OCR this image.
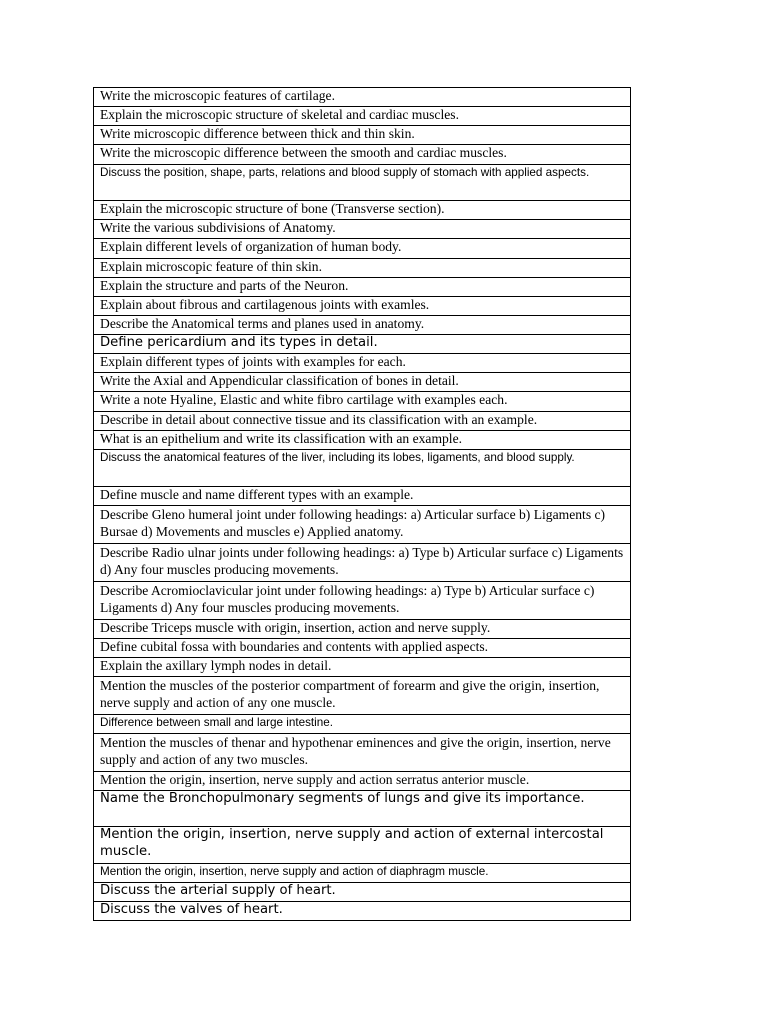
Write the microscopic features of cartilage.
Explain the microscopic structure of skeletal and cardiac muscles.
Write microscopic difference between thick and thin skin.
Write the microscopic difference between the smooth and cardiac muscles.
Discuss the position, shape, parts, relations and blood supply of stomach with applied aspects.
Explain the microscopic structure of bone (Transverse section).
Write the various subdivisions of Anatomy.
Explain different levels of organization of human body.
Explain microscopic feature of thin skin.
Explain the structure and parts of the Neuron.
Explain about fibrous and cartilagenous joints with examles.
Describe the Anatomical terms and planes used in anatomy.
Define pericardium and its types in detail.
Explain different types of joints with examples for each.
Write the Axial and Appendicular classification of bones in detail.
Write a note Hyaline, Elastic and white fibro cartilage with examples each.
Describe in detail about connective tissue and its classification with an example.
What is an epithelium and write its classification with an example.
Discuss the anatomical features of the liver, including its lobes, ligaments, and blood supply.
Define muscle and name different types with an example.
Describe Gleno humeral joint under following headings: a) Articular surface b) Ligaments c) Bursae d) Movements and muscles e) Applied anatomy.
Describe Radio ulnar joints under following headings: a) Type b) Articular surface c) Ligaments d) Any four muscles producing movements.
Describe Acromioclavicular joint under following headings: a) Type b) Articular surface c) Ligaments d) Any four muscles producing movements.
Describe Triceps muscle with origin, insertion, action and nerve supply.
Define cubital fossa with boundaries and contents with applied aspects.
Explain the axillary lymph nodes in detail.
Mention the muscles of the posterior compartment of forearm and give the origin, insertion, nerve supply and action of any one muscle.
Difference between small and large intestine.
Mention the muscles of thenar and hypothenar eminences and give the origin, insertion, nerve supply and action of any two muscles.
Mention the origin, insertion, nerve supply and action serratus anterior muscle.
Name the Bronchopulmonary segments of lungs and give its importance.
Mention the origin, insertion, nerve supply and action of external intercostal muscle.
Mention the origin, insertion, nerve supply and action of diaphragm muscle.
Discuss the arterial supply of heart.
Discuss the valves of heart.
